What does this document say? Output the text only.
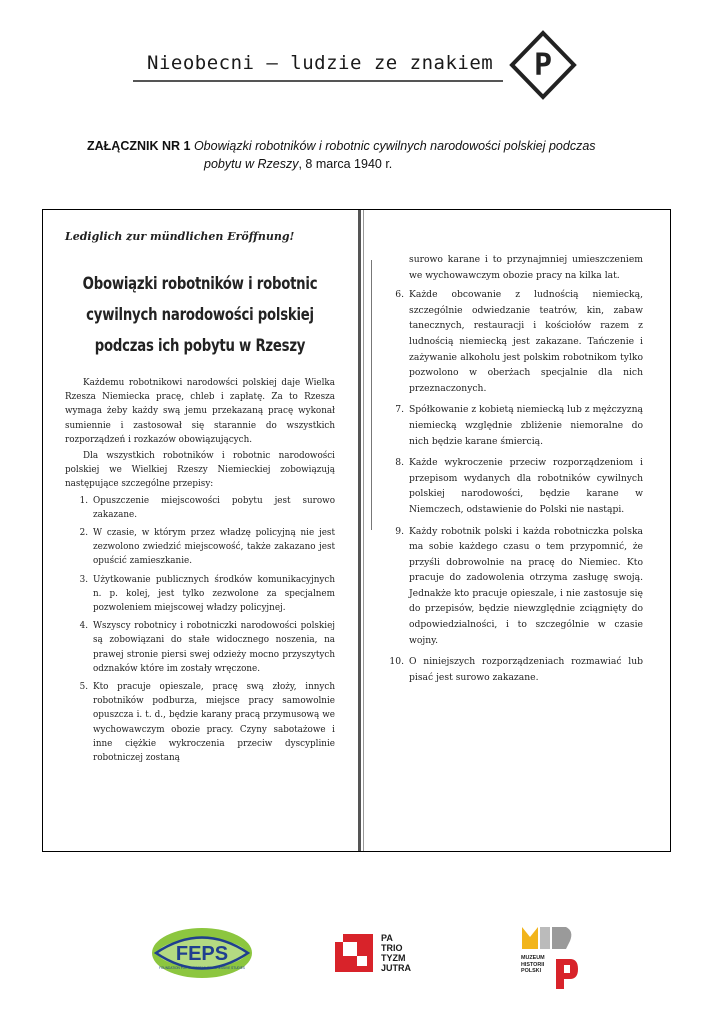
Nieobecni – ludzie ze znakiem P
ZAŁĄCZNIK NR 1 Obowiązki robotników i robotnic cywilnych narodowości polskiej podczas
pobytu w Rzeszy, 8 marca 1940 r.
Lediglich zur mündlichen Eröffnung!
Obowiązki robotników i robotnic
cywilnych narodowości polskiej
podczas ich pobytu w Rzeszy

Każdemu robotnikowi narodowści polskiej daje Wielka Rzesza Niemiecka pracę, chleb i zapłatę. Za to Rzesza wymaga żeby każdy swą jemu przekazaną pracę wykonał sumiennie i zastosował się starannie do wszystkich rozporządzeń i rozkazów obowiązujących.

Dla wszystkich robotników i robotnic narodowości polskiej we Wielkiej Rzeszy Niemieckiej zobowiązują następujące szczególne przepisy:

1. Opuszczenie miejscowości pobytu jest surowo zakazane.
2. W czasie, w którym przez władzę policyjną nie jest zezwolono zwiedzić miejscowość, także zakazano jest opuścić zamieszkanie.
3. Użytkowanie publicznych środków komunikacyjnych n. p. kolej, jest tylko zezwolone za specjalnem pozwoleniem miejscowej władzy policyjnej.
4. Wszyscy robotnicy i robotniczki narodowości polskiej są zobowiązani do stałe widocznego noszenia, na prawej stronie piersi swej odzieży mocno przyszytych odznaków które im zostały wręczone.
5. Kto pracuje opieszale, pracę swą złoży, innych robotników podburza, miejsce pracy samowolnie opuszcza i. t. d., będzie karany pracą przymusową we wychowawczym obozie pracy. Czyny sabotażowe i inne ciężkie wykroczenia przeciw dyscyplinie robotniczej zostaną

surowo karane i to przynajmniej umieszczeniem we wychowawczym obozie pracy na kilka lat.

6. Każde obcowanie z ludnością niemiecką, szczególnie odwiedzanie teatrów, kin, zabaw tanecznych, restauracji i kościołów razem z ludnością niemiecką jest zakazane. Tańczenie i zażywanie alkoholu jest polskim robotnikom tylko pozwolono w oberżach specjalnie dla nich przeznaczonych.
7. Spółkowanie z kobietą niemiecką lub z mężczyzną niemiecką względnie zbliżenie niemoralne do nich będzie karane śmiercią.
8. Każde wykroczenie przeciw rozporządzeniom i przepisom wydanych dla robotników cywilnych polskiej narodowości, będzie karane w Niemczech, odstawienie do Polski nie nastąpi.
9. Każdy robotnik polski i każda robotniczka polska ma sobie każdego czasu o tem przypomnić, że przyśli dobrowolnie na pracę do Niemiec. Kto pracuje do zadowolenia otrzyma zasługę swoją. Jednakże kto pracuje opieszale, i nie zastosuje się do przepisów, będzie niewzględnie zciągnięty do odpowiedzialności, i to szczególnie w czasie wojny.
10. O niniejszych rozporządzeniach rozmawiać lub pisać jest surowo zakazane.
FEPS
FOUNDATION FOR EUROPEAN PROGRESSIVE STUDIES
PA
TRIO
TYZM
JUTRA
MUZEUM
HISTORII
POLSKI
